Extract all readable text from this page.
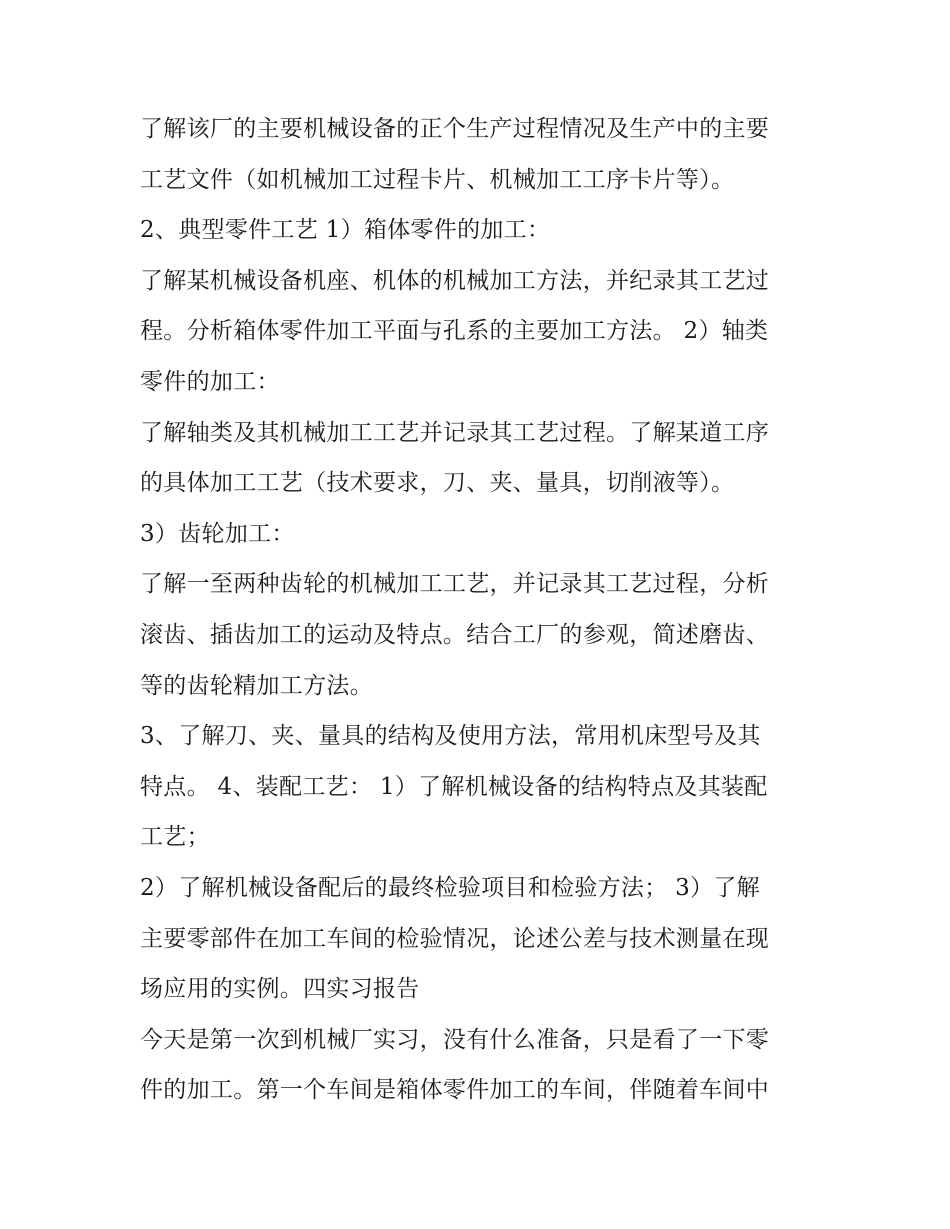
了解该厂的主要机械设备的正个生产过程情况及生产中的主要
工艺文件（如机械加工过程卡片、机械加工工序卡片等）。
2、典型零件工艺 1）箱体零件的加工：
了解某机械设备机座、机体的机械加工方法，并纪录其工艺过
程。分析箱体零件加工平面与孔系的主要加工方法。 2）轴类
零件的加工：
了解轴类及其机械加工工艺并记录其工艺过程。了解某道工序
的具体加工工艺（技术要求，刀、夹、量具，切削液等）。
3）齿轮加工：
了解一至两种齿轮的机械加工工艺，并记录其工艺过程，分析
滚齿、插齿加工的运动及特点。结合工厂的参观，简述磨齿、
等的齿轮精加工方法。
3、了解刀、夹、量具的结构及使用方法，常用机床型号及其
特点。 4、装配工艺： 1）了解机械设备的结构特点及其装配
工艺；
2）了解机械设备配后的最终检验项目和检验方法； 3）了解
主要零部件在加工车间的检验情况，论述公差与技术测量在现
场应用的实例。四实习报告
今天是第一次到机械厂实习，没有什么准备，只是看了一下零
件的加工。第一个车间是箱体零件加工的车间，伴随着车间中
